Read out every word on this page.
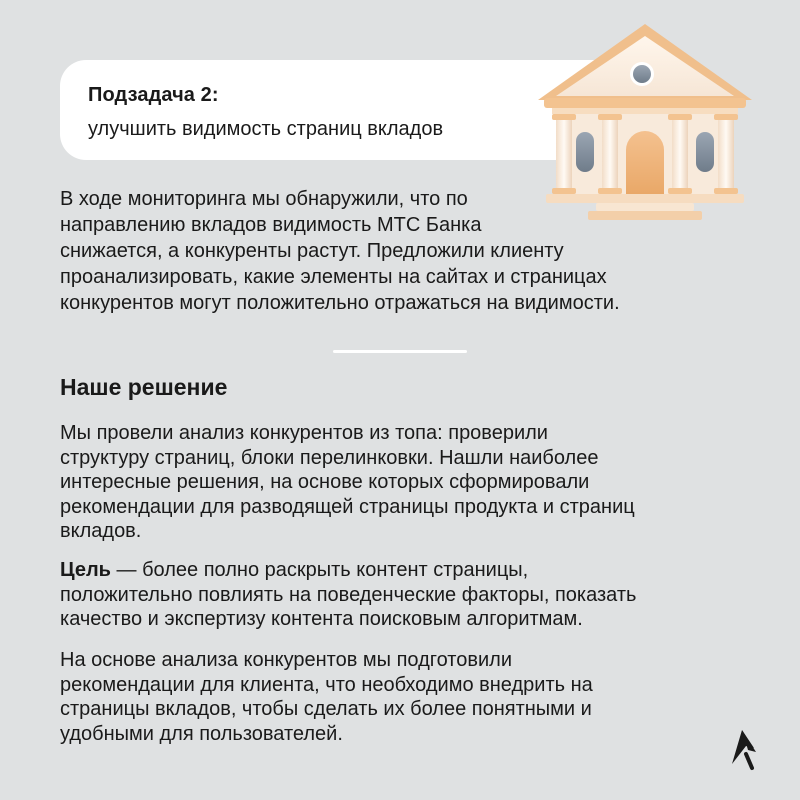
Подзадача 2:
улучшить видимость страниц вкладов
В ходе мониторинга мы обнаружили, что по
направлению вкладов видимость МТС Банка
снижается, а конкуренты растут. Предложили клиенту
проанализировать, какие элементы на сайтах и страницах
конкурентов могут положительно отражаться на видимости.
Наше решение
Мы провели анализ конкурентов из топа: проверили
структуру страниц, блоки перелинковки. Нашли наиболее
интересные решения, на основе которых сформировали
рекомендации для разводящей страницы продукта и страниц
вкладов.
Цель — более полно раскрыть контент страницы,
положительно повлиять на поведенческие факторы, показать
качество и экспертизу контента поисковым алгоритмам.
На основе анализа конкурентов мы подготовили
рекомендации для клиента, что необходимо внедрить на
страницы вкладов, чтобы сделать их более понятными и
удобными для пользователей.
